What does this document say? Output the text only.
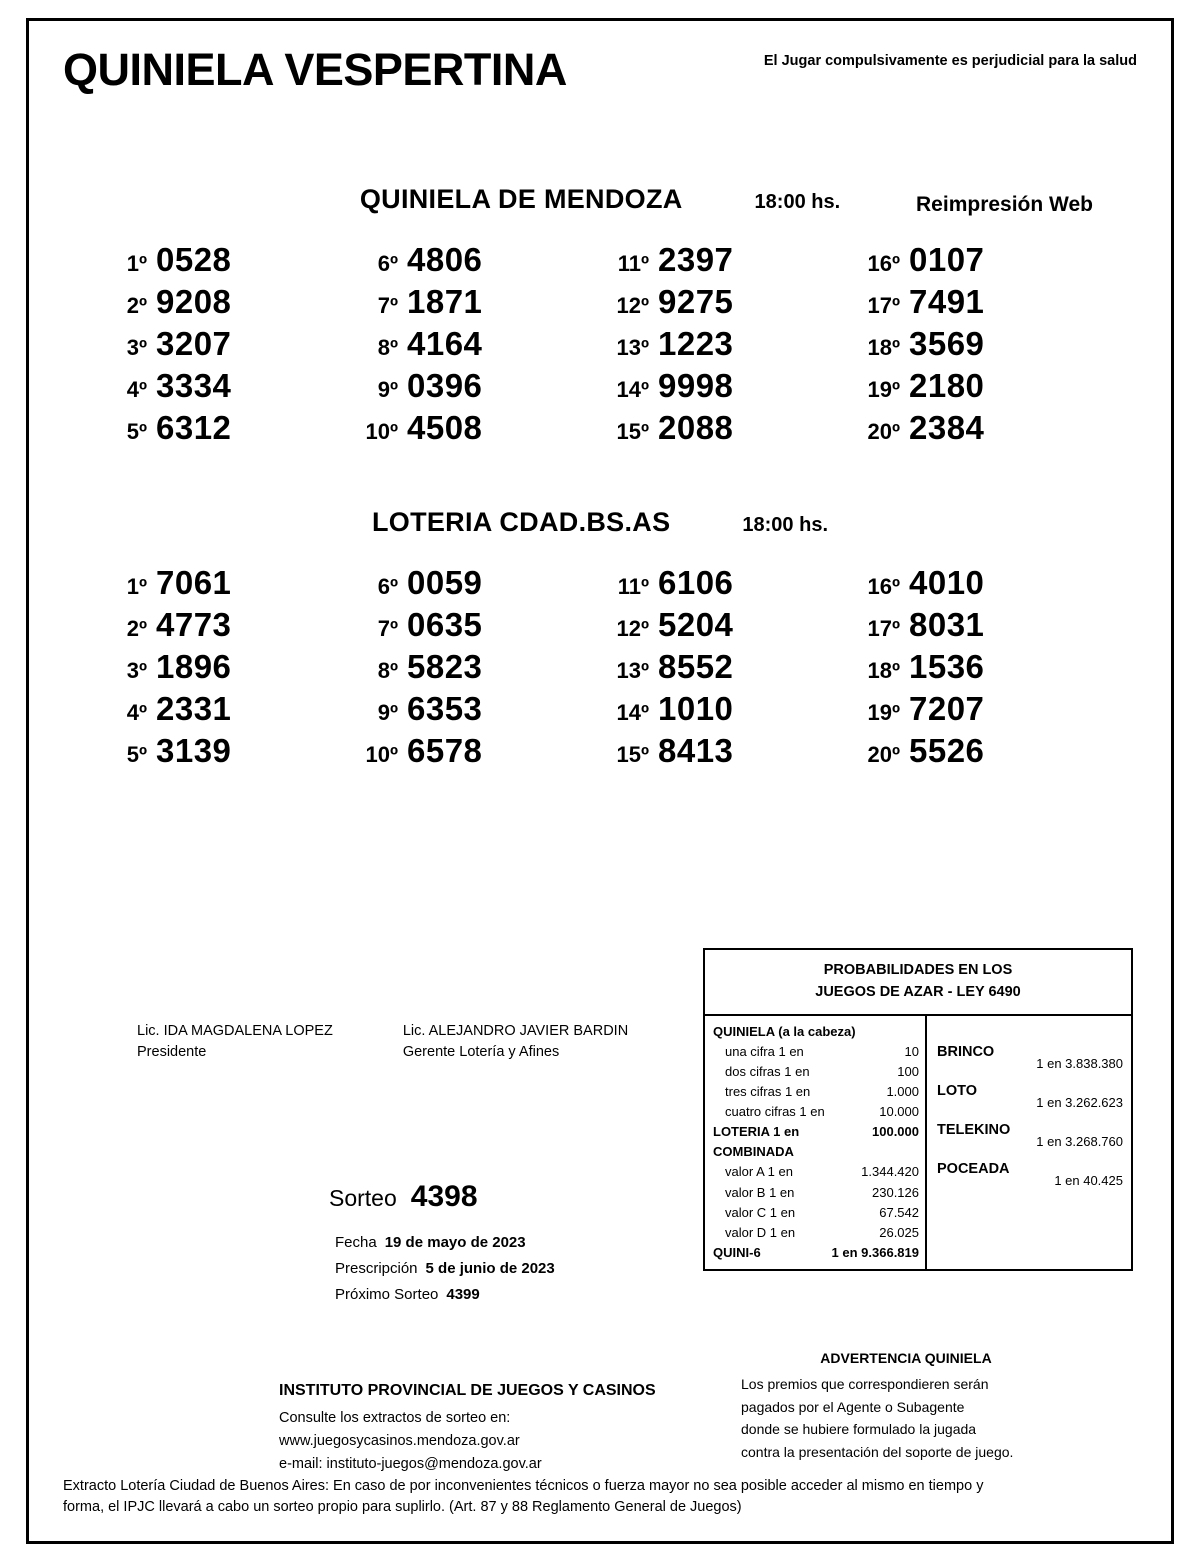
QUINIELA VESPERTINA	El Jugar compulsivamente es perjudicial para la salud
Reimpresión Web
QUINIELA DE MENDOZA	18:00 hs.
1º 0528	6º 4806	11º 2397	16º 0107
2º 9208	7º 1871	12º 9275	17º 7491
3º 3207	8º 4164	13º 1223	18º 3569
4º 3334	9º 0396	14º 9998	19º 2180
5º 6312	10º 4508	15º 2088	20º 2384
LOTERIA CDAD.BS.AS	18:00 hs.
1º 7061	6º 0059	11º 6106	16º 4010
2º 4773	7º 0635	12º 5204	17º 8031
3º 1896	8º 5823	13º 8552	18º 1536
4º 2331	9º 6353	14º 1010	19º 7207
5º 3139	10º 6578	15º 8413	20º 5526
Lic. IDA MAGDALENA LOPEZ
Presidente
Lic. ALEJANDRO JAVIER BARDIN
Gerente Lotería y Afines
Sorteo 4398
Fecha 19 de mayo de 2023
Prescripción 5 de junio de 2023
Próximo Sorteo 4399
PROBABILIDADES EN LOS
JUEGOS DE AZAR - LEY 6490
QUINIELA (a la cabeza)
una cifra 1 en	10
dos cifras 1 en	100
tres cifras 1 en	1.000
cuatro cifras 1 en	10.000
LOTERIA 1 en	100.000
COMBINADA
valor A 1 en	1.344.420
valor B 1 en	230.126
valor C 1 en	67.542
valor D 1 en	26.025
QUINI-6	1 en 9.366.819
BRINCO
1 en 3.838.380
LOTO
1 en 3.262.623
TELEKINO
1 en 3.268.760
POCEADA
1 en 40.425
ADVERTENCIA QUINIELA
Los premios que correspondieren serán
pagados por el Agente o Subagente
donde se hubiere formulado la jugada
contra la presentación del soporte de juego.
INSTITUTO PROVINCIAL DE JUEGOS Y CASINOS
Consulte los extractos de sorteo en:
www.juegosycasinos.mendoza.gov.ar
e-mail: instituto-juegos@mendoza.gov.ar
Extracto Lotería Ciudad de Buenos Aires: En caso de por inconvenientes técnicos o fuerza mayor no sea posible acceder al mismo en tiempo y
forma, el IPJC llevará a cabo un sorteo propio para suplirlo. (Art. 87 y 88 Reglamento General de Juegos)
